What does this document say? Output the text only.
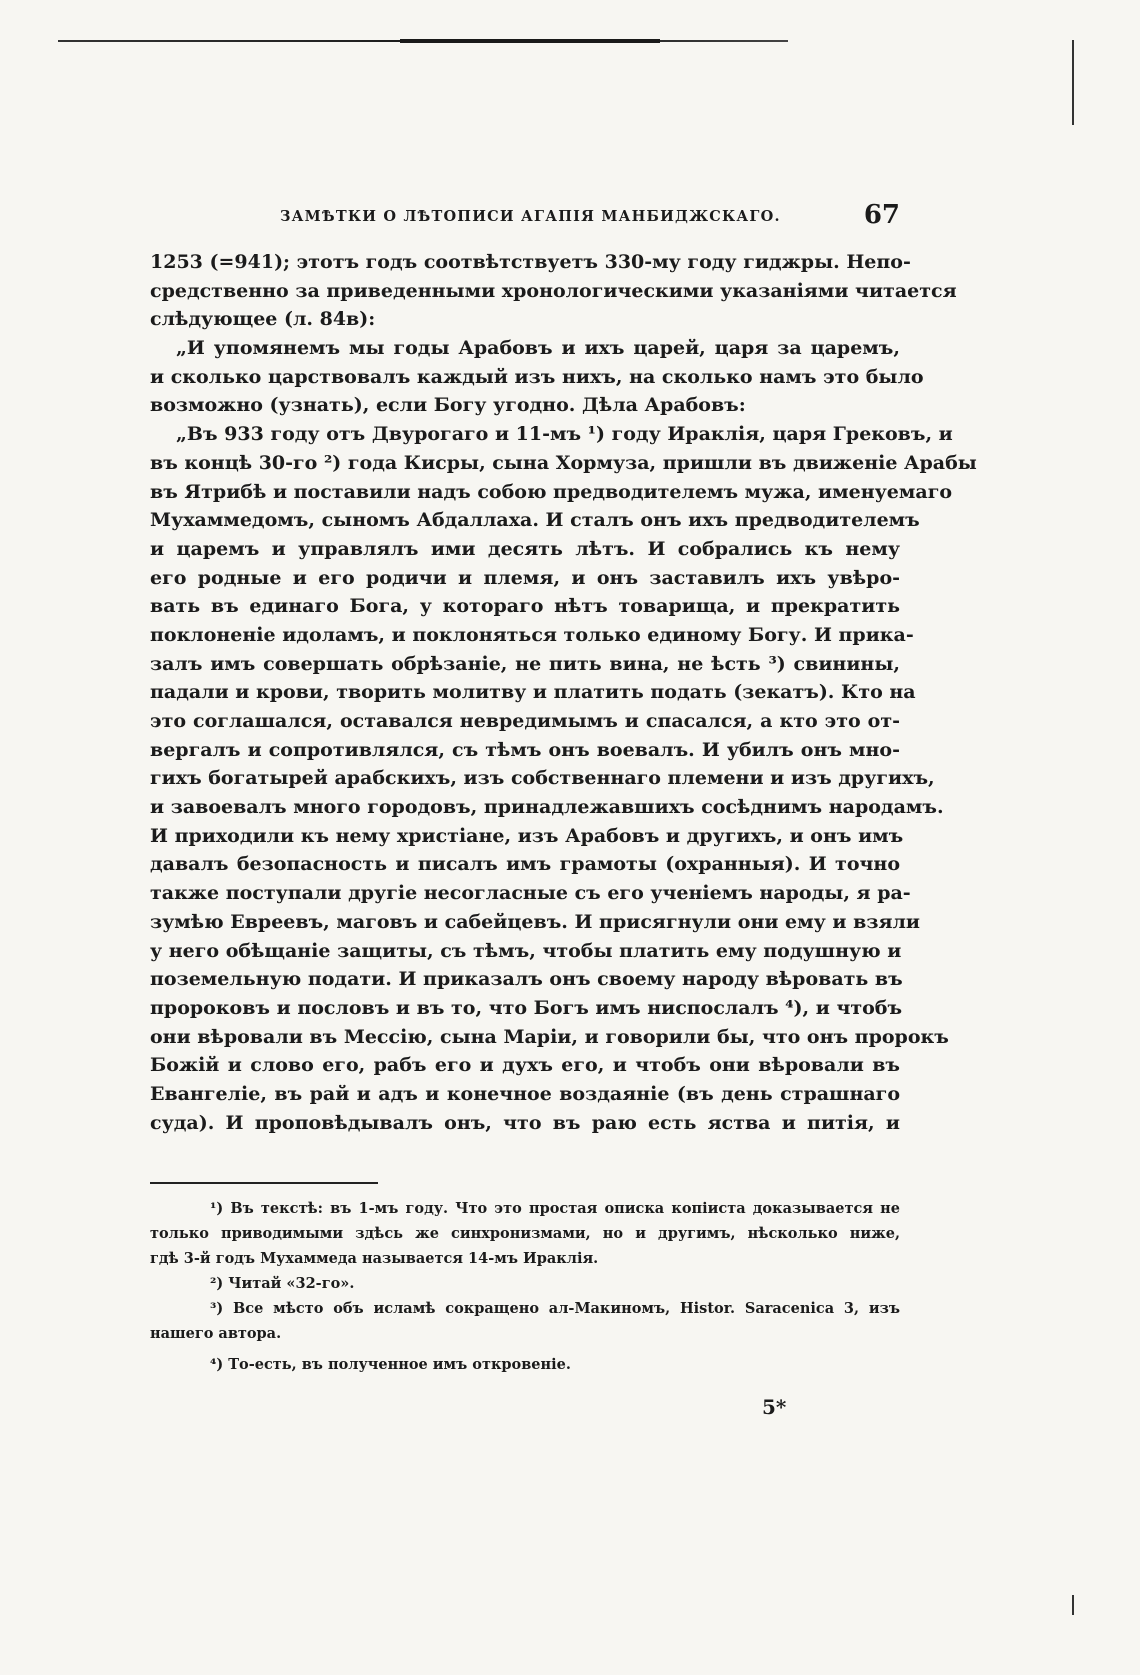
ЗАМѢТКИ О ЛѢТОПИСИ АГАПІЯ МАНБИДЖСКАГО.	67
1253 (=941); этотъ годъ соотвѣтствуетъ 330-му году гиджры. Непо-
средственно за приведенными хронологическими указаніями читается
слѣдующее (л. 84в):
„И упомянемъ мы годы Арабовъ и ихъ царей, царя за царемъ,
и сколько царствовалъ каждый изъ нихъ, на сколько намъ это было
возможно (узнать), если Богу угодно. Дѣла Арабовъ:
„Въ 933 году отъ Двурогаго и 11-мъ ¹) году Ираклія, царя Грековъ, и
въ концѣ 30-го ²) года Кисры, сына Хормуза, пришли въ движеніе Арабы
въ Ятрибѣ и поставили надъ собою предводителемъ мужа, именуемаго
Мухаммедомъ, сыномъ Абдаллаха. И сталъ онъ ихъ предводителемъ
и царемъ и управлялъ ими десять лѣтъ. И собрались къ нему
его родные и его родичи и племя, и онъ заставилъ ихъ увѣро-
вать въ единаго Бога, у котораго нѣтъ товарища, и прекратить
поклоненіе идоламъ, и поклоняться только единому Богу. И прика-
залъ имъ совершать обрѣзаніе, не пить вина, не ѣсть ³) свинины,
падали и крови, творить молитву и платить подать (зекатъ). Кто на
это соглашался, оставался невредимымъ и спасался, а кто это от-
вергалъ и сопротивлялся, съ тѣмъ онъ воевалъ. И убилъ онъ мно-
гихъ богатырей арабскихъ, изъ собственнаго племени и изъ другихъ,
и завоевалъ много городовъ, принадлежавшихъ сосѣднимъ народамъ.
И приходили къ нему христіане, изъ Арабовъ и другихъ, и онъ имъ
давалъ безопасность и писалъ имъ грамоты (охранныя). И точно
также поступали другіе несогласные съ его ученіемъ народы, я ра-
зумѣю Евреевъ, маговъ и сабейцевъ. И присягнули они ему и взяли
у него обѣщаніе защиты, съ тѣмъ, чтобы платить ему подушную и
поземельную подати. И приказалъ онъ своему народу вѣровать въ
пророковъ и пословъ и въ то, что Богъ имъ ниспослалъ ⁴), и чтобъ
они вѣровали въ Мессію, сына Маріи, и говорили бы, что онъ пророкъ
Божій и слово его, рабъ его и духъ его, и чтобъ они вѣровали въ
Евангеліе, въ рай и адъ и конечное воздаяніе (въ день страшнаго
суда). И проповѣдывалъ онъ, что въ раю есть яства и питія, и
¹) Въ текстѣ: въ 1-мъ году. Что это простая описка копіиста доказывается не
только приводимыми здѣсь же синхронизмами, но и другимъ, нѣсколько ниже,
гдѣ 3-й годъ Мухаммеда называется 14-мъ Ираклія.
²) Читай «32-го».
³) Все мѣсто объ исламѣ сокращено ал-Макиномъ, Histor. Saracenica 3, изъ
нашего автора.
⁴) То-есть, въ полученное имъ откровеніе.
5*
